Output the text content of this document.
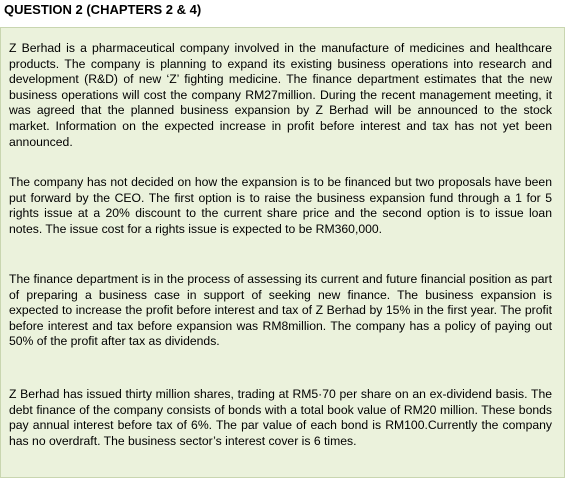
QUESTION 2 (CHAPTERS 2 & 4)

Z Berhad is a pharmaceutical company involved in the manufacture of medicines and healthcare products. The company is planning to expand its existing business operations into research and development (R&D) of new ‘Z’ fighting medicine. The finance department estimates that the new business operations will cost the company RM27million. During the recent management meeting, it was agreed that the planned business expansion by Z Berhad will be announced to the stock market. Information on the expected increase in profit before interest and tax has not yet been announced.

The company has not decided on how the expansion is to be financed but two proposals have been put forward by the CEO. The first option is to raise the business expansion fund through a 1 for 5 rights issue at a 20% discount to the current share price and the second option is to issue loan notes. The issue cost for a rights issue is expected to be RM360,000.

The finance department is in the process of assessing its current and future financial position as part of preparing a business case in support of seeking new finance. The business expansion is expected to increase the profit before interest and tax of Z Berhad by 15% in the first year. The profit before interest and tax before expansion was RM8million. The company has a policy of paying out 50% of the profit after tax as dividends.

Z Berhad has issued thirty million shares, trading at RM5·70 per share on an ex-dividend basis. The debt finance of the company consists of bonds with a total book value of RM20 million. These bonds pay annual interest before tax of 6%. The par value of each bond is RM100.Currently the company has no overdraft. The business sector’s interest cover is 6 times.
